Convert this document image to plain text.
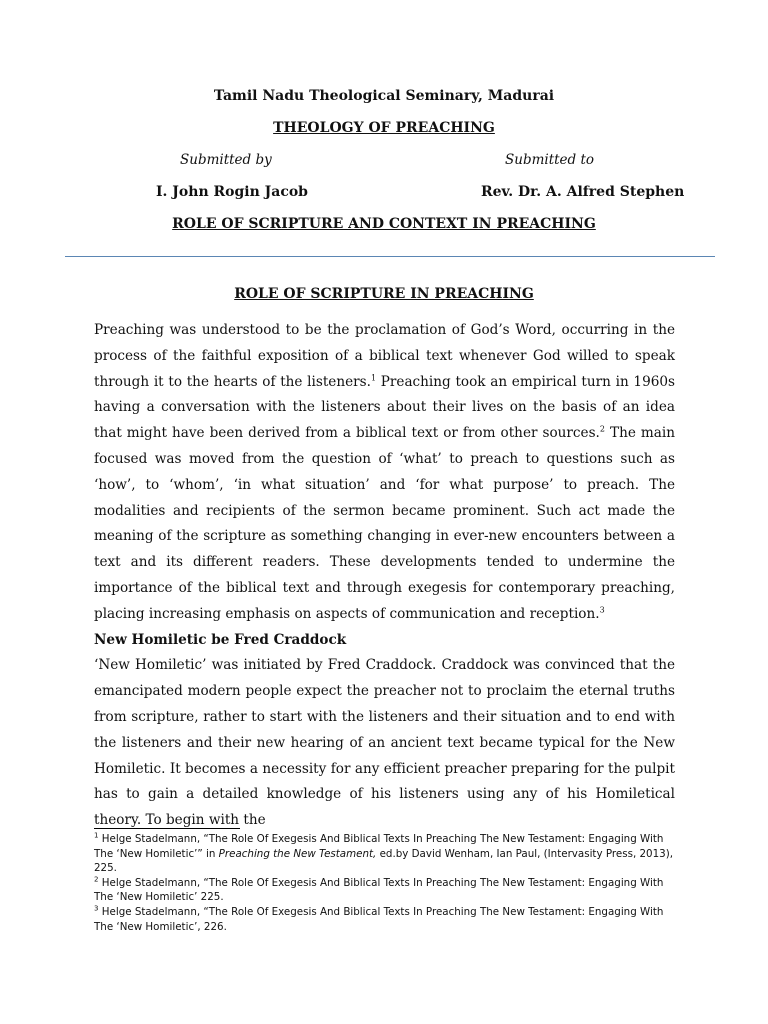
Tamil Nadu Theological Seminary, Madurai
THEOLOGY OF PREACHING
Submitted by	Submitted to
I. John Rogin Jacob	Rev. Dr. A. Alfred Stephen
ROLE OF SCRIPTURE AND CONTEXT IN PREACHING
ROLE OF SCRIPTURE IN PREACHING

Preaching was understood to be the proclamation of God’s Word, occurring in the process of the faithful exposition of a biblical text whenever God willed to speak through it to the hearts of the listeners.$^1$ Preaching took an empirical turn in 1960s having a conversation with the listeners about their lives on the basis of an idea that might have been derived from a biblical text or from other sources.$^2$ The main focused was moved from the question of ‘what’ to preach to questions such as ‘how’, to ‘whom’, ‘in what situation’ and ‘for what purpose’ to preach. The modalities and recipients of the sermon became prominent. Such act made the meaning of the scripture as something changing in ever-new encounters between a text and its different readers. These developments tended to undermine the importance of the biblical text and through exegesis for contemporary preaching, placing increasing emphasis on aspects of communication and reception.$^3$

New Homiletic be Fred Craddock

‘New Homiletic’ was initiated by Fred Craddock. Craddock was convinced that the emancipated modern people expect the preacher not to proclaim the eternal truths from scripture, rather to start with the listeners and their situation and to end with the listeners and their new hearing of an ancient text became typical for the New Homiletic. It becomes a necessity for any efficient preacher preparing for the pulpit has to gain a detailed knowledge of his listeners using any of his Homiletical theory. To begin with the

$^1$ Helge Stadelmann, “The Role Of Exegesis And Biblical Texts In Preaching The New Testament: Engaging With The ‘New Homiletic’” in Preaching the New Testament, ed.by David Wenham, Ian Paul, (Intervasity Press, 2013), 225.

$^2$ Helge Stadelmann, “The Role Of Exegesis And Biblical Texts In Preaching The New Testament: Engaging With The ‘New Homiletic’ 225.

$^3$ Helge Stadelmann, “The Role Of Exegesis And Biblical Texts In Preaching The New Testament: Engaging With The ‘New Homiletic’, 226.
